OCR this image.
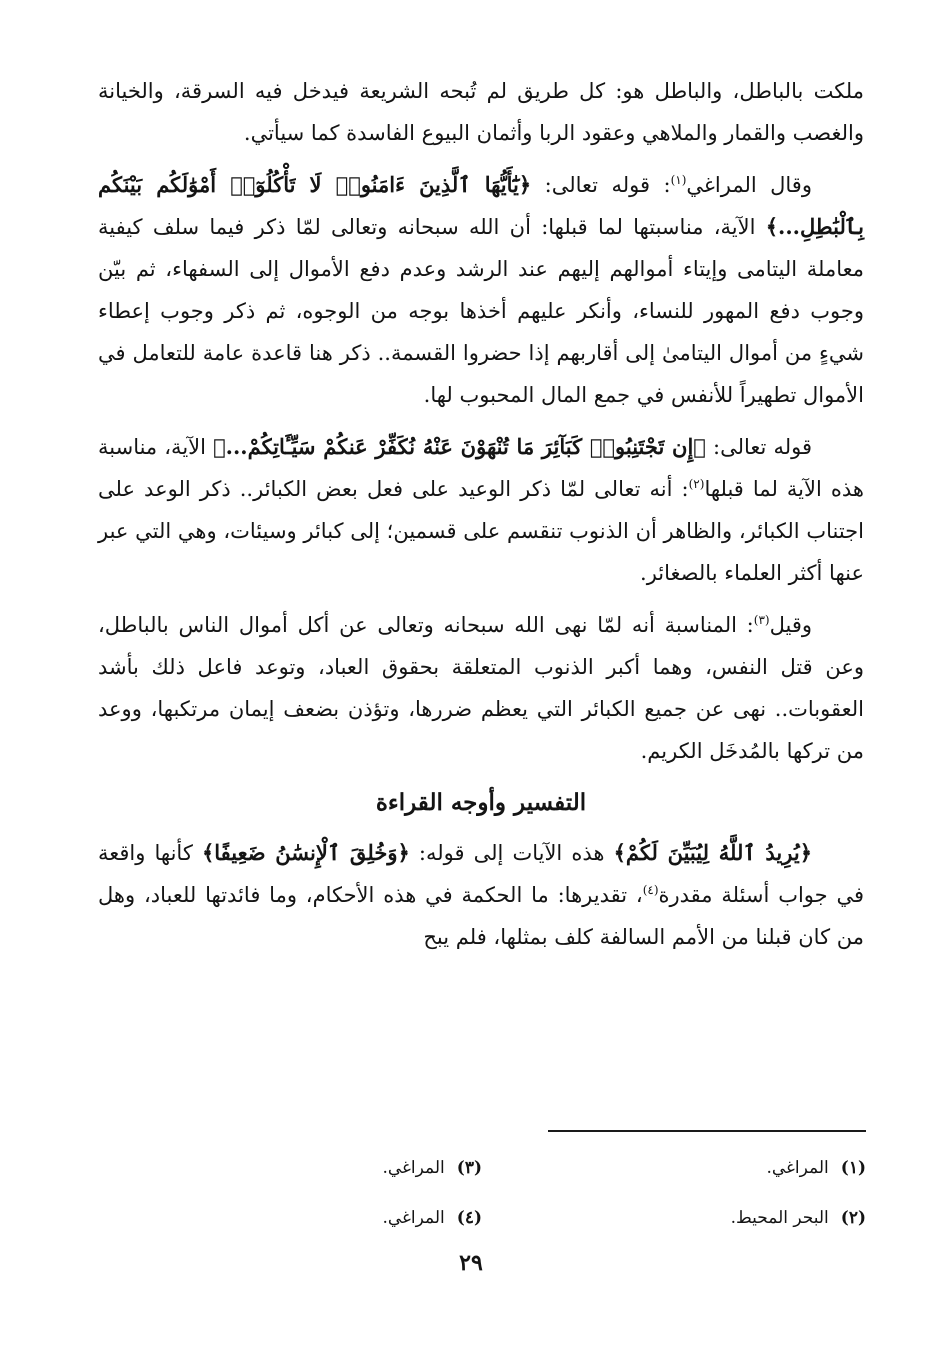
ملكت بالباطل، والباطل هو: كل طريق لم تُبحه الشريعة فيدخل فيه السرقة، والخيانة والغصب والقمار والملاهي وعقود الربا وأثمان البيوع الفاسدة كما سيأتي.

وقال المراغي$^{(١)}$: قوله تعالى: ﴿يَٰٓأَيُّهَا ٱلَّذِينَ ءَامَنُوا۟ لَا تَأْكُلُوٓا۟ أَمْوَٰلَكُم بَيْنَكُم بِٱلْبَٰطِلِ...﴾ الآية، مناسبتها لما قبلها: أن الله سبحانه وتعالى لمّا ذكر فيما سلف كيفية معاملة اليتامى وإيتاء أموالهم إليهم عند الرشد وعدم دفع الأموال إلى السفهاء، ثم بيّن وجوب دفع المهور للنساء، وأنكر عليهم أخذها بوجه من الوجوه، ثم ذكر وجوب إعطاء شيءٍ من أموال اليتامىٰ إلى أقاربهم إذا حضروا القسمة.. ذكر هنا قاعدة عامة للتعامل في الأموال تطهيراً للأنفس في جمع المال المحبوب لها.

قوله تعالى: ﴿إِن تَجْتَنِبُوا۟ كَبَآئِرَ مَا تُنْهَوْنَ عَنْهُ نُكَفِّرْ عَنكُمْ سَيِّـَٔاتِكُمْ...﴾ الآية، مناسبة هذه الآية لما قبلها$^{(٢)}$: أنه تعالى لمّا ذكر الوعيد على فعل بعض الكبائر.. ذكر الوعد على اجتناب الكبائر، والظاهر أن الذنوب تنقسم على قسمين؛ إلى كبائر وسيئات، وهي التي عبر عنها أكثر العلماء بالصغائر.

وقيل$^{(٣)}$: المناسبة أنه لمّا نهى الله سبحانه وتعالى عن أكل أموال الناس بالباطل، وعن قتل النفس، وهما أكبر الذنوب المتعلقة بحقوق العباد، وتوعد فاعل ذلك بأشد العقوبات.. نهى عن جميع الكبائر التي يعظم ضررها، وتؤذن بضعف إيمان مرتكبها، ووعد من تركها بالمُدخَل الكريم.

التفسير وأوجه القراءة

﴿يُرِيدُ ٱللَّهُ لِيُبَيِّنَ لَكُمْ﴾ هذه الآيات إلى قوله: ﴿وَخُلِقَ ٱلْإِنسَٰنُ ضَعِيفًا﴾ كأنها واقعة في جواب أسئلة مقدرة$^{(٤)}$، تقديرها: ما الحكمة في هذه الأحكام، وما فائدتها للعباد، وهل من كان قبلنا من الأمم السالفة كلف بمثلها، فلم يبح

(١)المراغي.
(٣)المراغي.
(٢)البحر المحيط.
(٤)المراغي.
٢٩
